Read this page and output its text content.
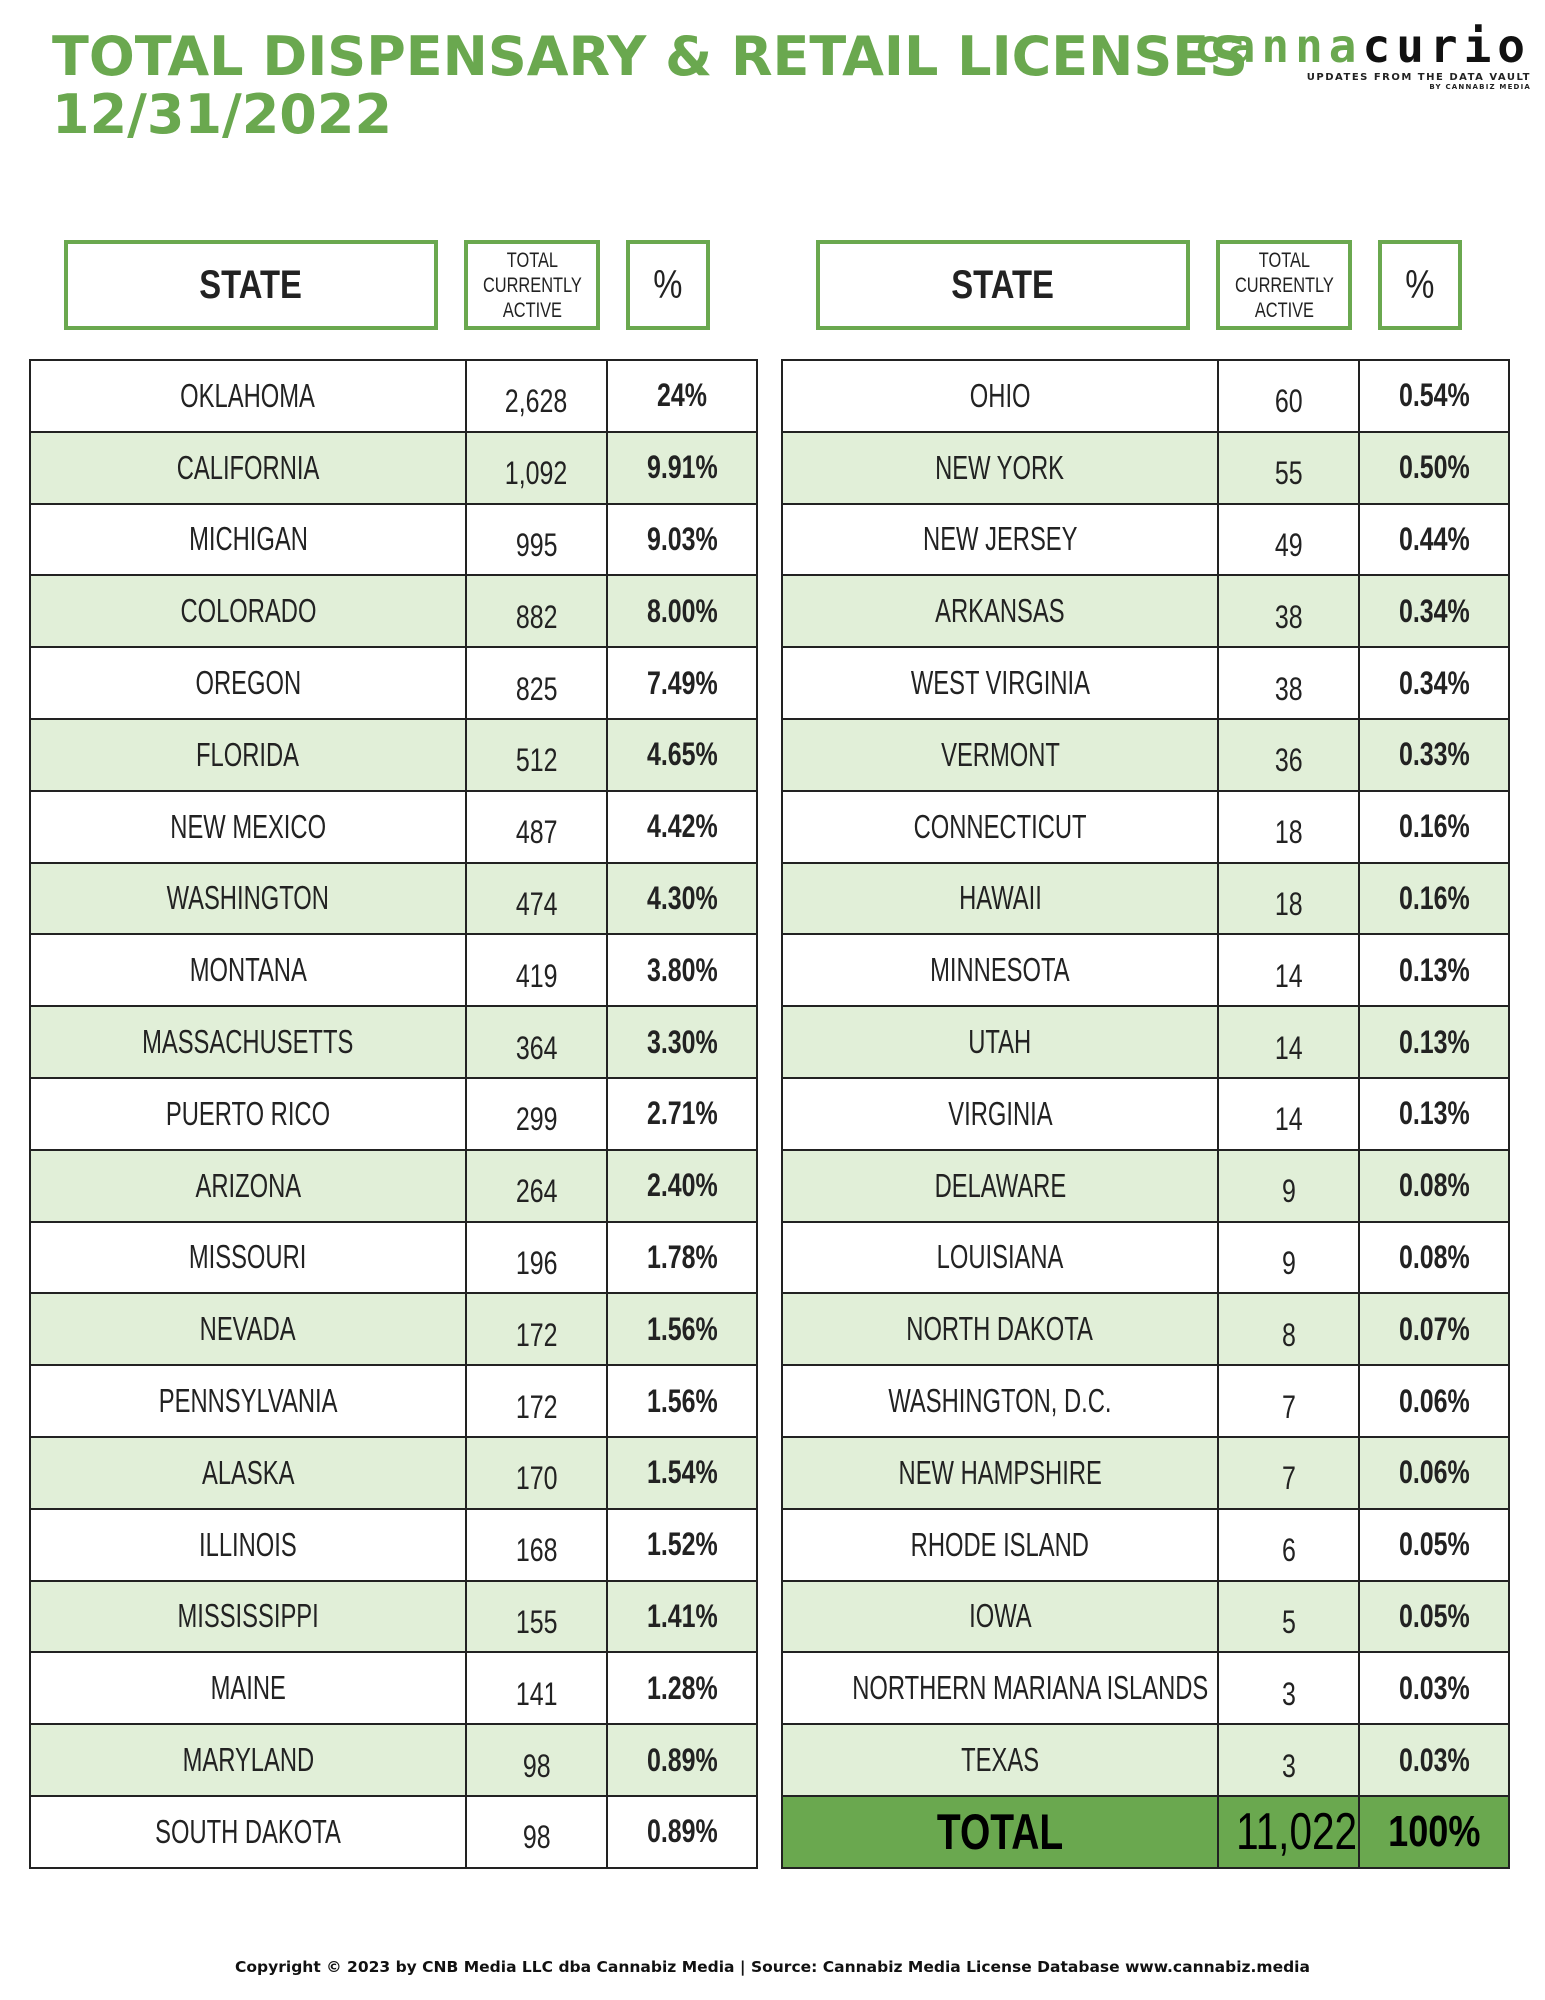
TOTAL DISPENSARY & RETAIL LICENSES
12/31/2022
cannacurio
UPDATES FROM THE DATA VAULT
BY CANNABIZ MEDIA
STATE
TOTAL
CURRENTLY
ACTIVE
%	STATE
TOTAL
CURRENTLY
ACTIVE
%
OKLAHOMA	2,628	24%
CALIFORNIA	1,092	9.91%
MICHIGAN	995	9.03%
COLORADO	882	8.00%
OREGON	825	7.49%
FLORIDA	512	4.65%
NEW MEXICO	487	4.42%
WASHINGTON	474	4.30%
MONTANA	419	3.80%
MASSACHUSETTS	364	3.30%
PUERTO RICO	299	2.71%
ARIZONA	264	2.40%
MISSOURI	196	1.78%
NEVADA	172	1.56%
PENNSYLVANIA	172	1.56%
ALASKA	170	1.54%
ILLINOIS	168	1.52%
MISSISSIPPI	155	1.41%
MAINE	141	1.28%
MARYLAND	98	0.89%
SOUTH DAKOTA	98	0.89%
OHIO	60	0.54%
NEW YORK	55	0.50%
NEW JERSEY	49	0.44%
ARKANSAS	38	0.34%
WEST VIRGINIA	38	0.34%
VERMONT	36	0.33%
CONNECTICUT	18	0.16%
HAWAII	18	0.16%
MINNESOTA	14	0.13%
UTAH	14	0.13%
VIRGINIA	14	0.13%
DELAWARE	9	0.08%
LOUISIANA	9	0.08%
NORTH DAKOTA	8	0.07%
WASHINGTON, D.C.	7	0.06%
NEW HAMPSHIRE	7	0.06%
RHODE ISLAND	6	0.05%
IOWA	5	0.05%
NORTHERN MARIANA ISLANDS	3	0.03%
TEXAS	3	0.03%
TOTAL	11,022	100%
Copyright © 2023 by CNB Media LLC dba Cannabiz Media | Source: Cannabiz Media License Database www.cannabiz.media
